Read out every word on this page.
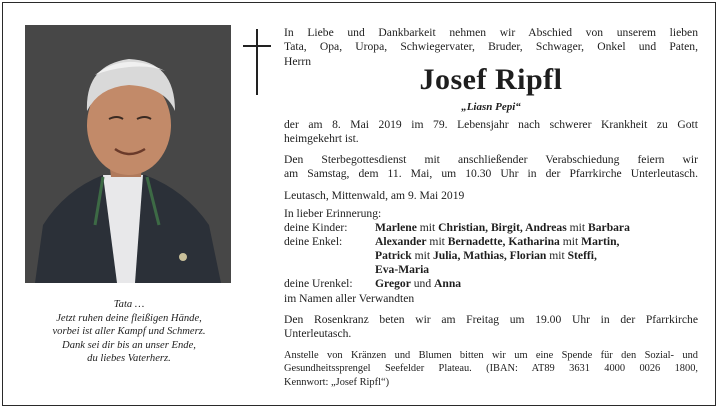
Tata …
Jetzt ruhen deine fleißigen Hände,
vorbei ist aller Kampf und Schmerz.
Dank sei dir bis an unser Ende,
du liebes Vaterherz.
In Liebe und Dankbarkeit nehmen wir Abschied von unserem lieben
Tata, Opa, Uropa, Schwiegervater, Bruder, Schwager, Onkel und Paten,
Herrn
Josef Ripfl
„Liasn Pepi“
der am 8. Mai 2019 im 79. Lebensjahr nach schwerer Krankheit zu Gott
heimgekehrt ist.
Den Sterbegottesdienst mit anschließender Verabschiedung feiern wir
am Samstag, dem 11. Mai, um 10.30 Uhr in der Pfarrkirche Unterleutasch.
Leutasch, Mittenwald, am 9. Mai 2019
In lieber Erinnerung:
deine Kinder: Marlene mit Christian, Birgit, Andreas mit Barbara
deine Enkel:	Alexander mit Bernadette, Katharina mit Martin,
Patrick mit Julia, Mathias, Florian mit Steffi,
Eva-Maria
deine Urenkel: Gregor und Anna
im Namen aller Verwandten
Den Rosenkranz beten wir am Freitag um 19.00 Uhr in der Pfarrkirche
Unterleutasch.
Anstelle von Kränzen und Blumen bitten wir um eine Spende für den Sozial- und
Gesundheitssprengel Seefelder Plateau. (IBAN: AT89 3631 4000 0026 1800,
Kennwort: „Josef Ripfl“)
